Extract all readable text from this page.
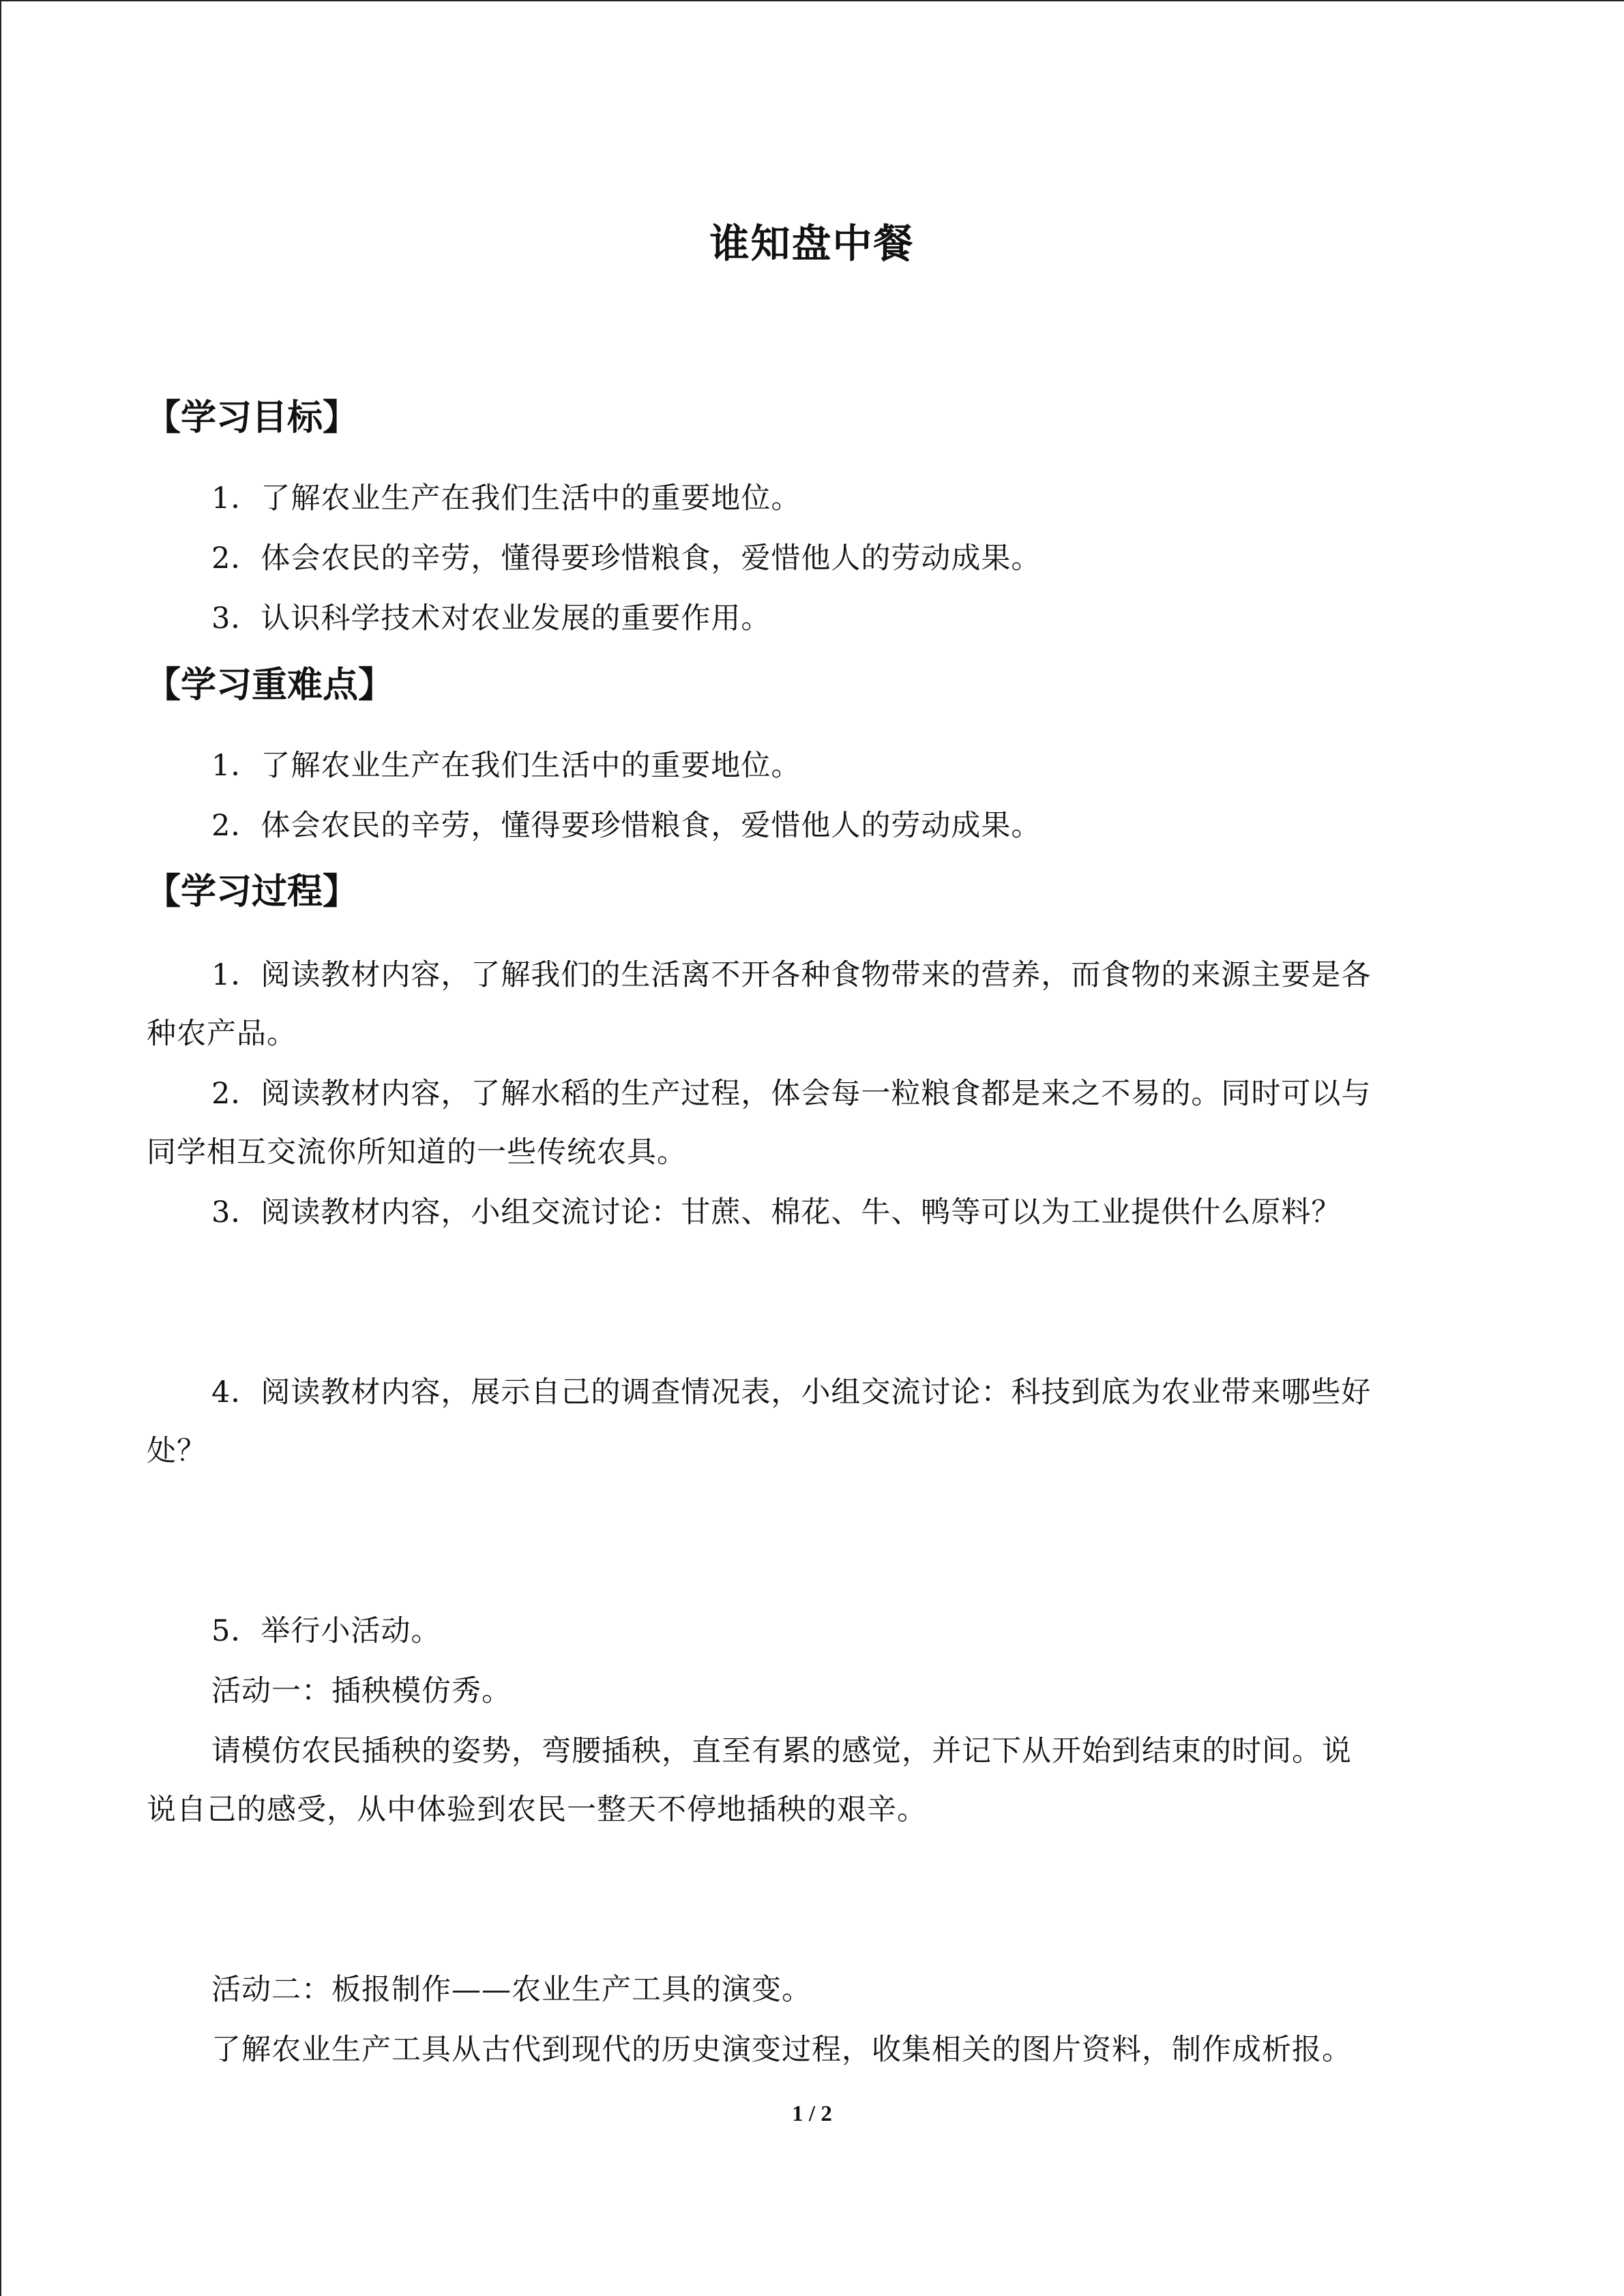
谁知盘中餐
【学习目标】
1．了解农业生产在我们生活中的重要地位。
2．体会农民的辛劳，懂得要珍惜粮食，爱惜他人的劳动成果。
3．认识科学技术对农业发展的重要作用。
【学习重难点】
1．了解农业生产在我们生活中的重要地位。
2．体会农民的辛劳，懂得要珍惜粮食，爱惜他人的劳动成果。
【学习过程】
1．阅读教材内容，了解我们的生活离不开各种食物带来的营养，而食物的来源主要是各
种农产品。
2．阅读教材内容，了解水稻的生产过程，体会每一粒粮食都是来之不易的。同时可以与
同学相互交流你所知道的一些传统农具。
3．阅读教材内容，小组交流讨论：甘蔗、棉花、牛、鸭等可以为工业提供什么原料？
4．阅读教材内容，展示自己的调查情况表，小组交流讨论：科技到底为农业带来哪些好
处？
5．举行小活动。
活动一：插秧模仿秀。
请模仿农民插秧的姿势，弯腰插秧，直至有累的感觉，并记下从开始到结束的时间。说
说自己的感受，从中体验到农民一整天不停地插秧的艰辛。
活动二：板报制作——农业生产工具的演变。
了解农业生产工具从古代到现代的历史演变过程，收集相关的图片资料，制作成析报。
1 / 2
